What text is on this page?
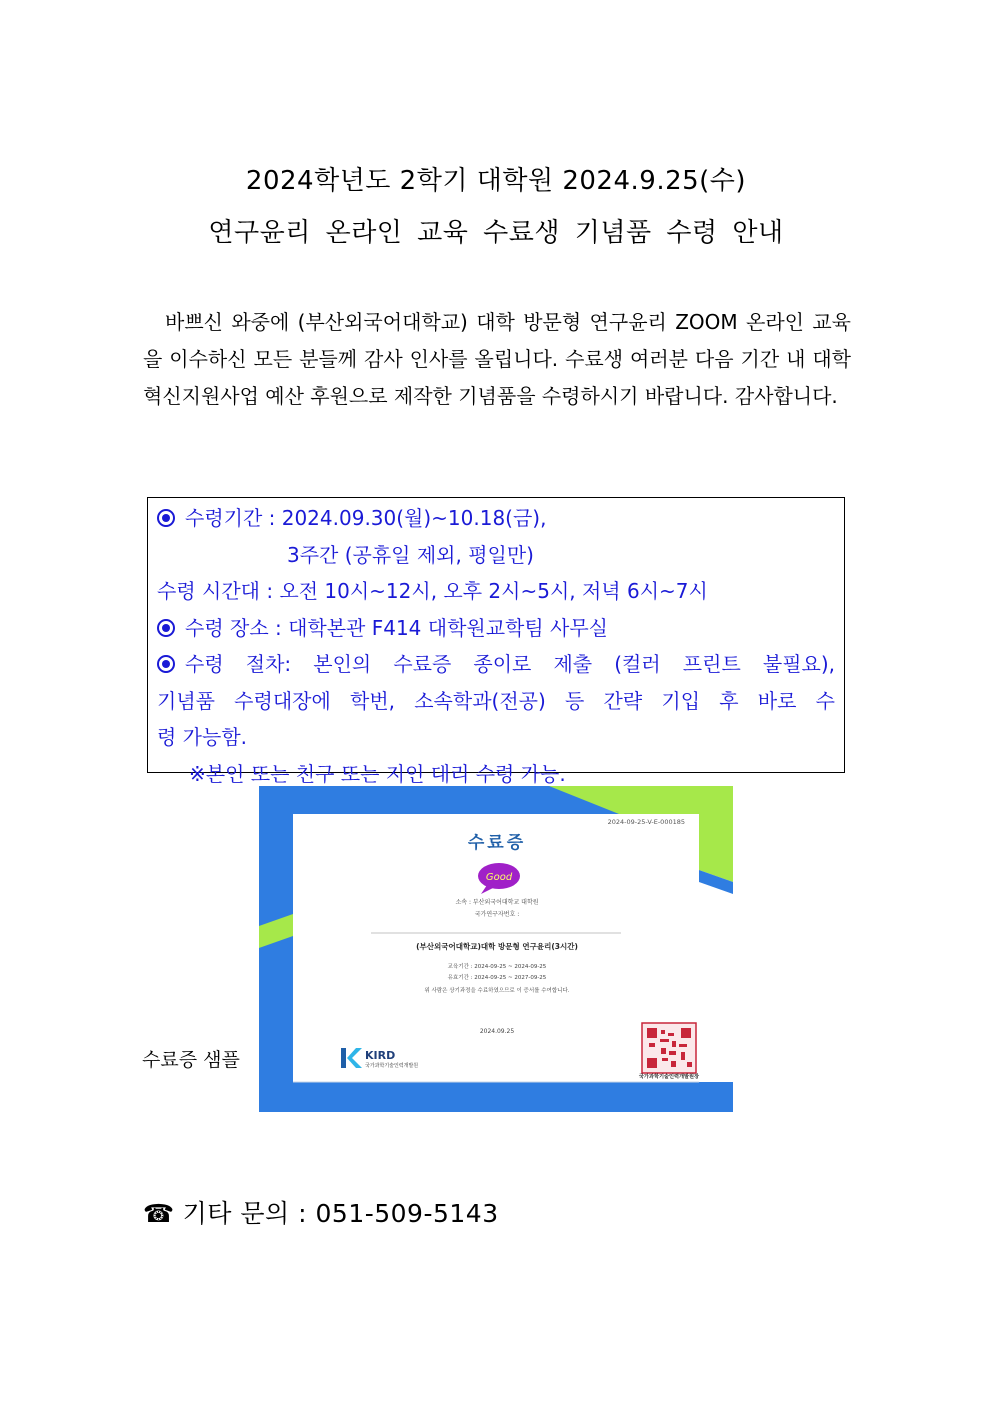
2024학년도 2학기 대학원 2024.9.25(수)
연구윤리 온라인 교육 수료생 기념품 수령 안내
바쁘신 와중에 (부산외국어대학교) 대학 방문형 연구윤리 ZOOM 온라인 교육을 이수하신 모든 분들께 감사 인사를 올립니다. 수료생 여러분 다음 기간 내 대학혁신지원사업 예산 후원으로 제작한 기념품을 수령하시기 바랍니다. 감사합니다.
수령기간 : 2024.09.30(월)~10.18(금),
3주간 (공휴일 제외, 평일만)
수령 시간대 : 오전 10시~12시, 오후 2시~5시, 저녁 6시~7시
수령 장소 : 대학본관 F414 대학원교학팀 사무실
수령 절차: 본인의 수료증 종이로 제출 (컬러 프린트 불필요),
기념품 수령대장에 학번, 소속학과(전공) 등 간략 기입 후 바로 수
령 가능함.
※본인 또는 친구 또는 지인 대리 수령 가능.
수료증 샘플
2024-09-25-V-E-000185
수료증
Good
소속 : 부산외국어대학교 대학원
국가연구자번호 :
(부산외국어대학교)대학 방문형 연구윤리(3시간)
교육기간 : 2024-09-25 ~ 2024-09-25
유효기간 : 2024-09-25 ~ 2027-09-25
위 사람은 상기과정을 수료하였으므로 이 증서를 수여합니다.
2024.09.25
KIRD
국가과학기술인력개발원
국가과학기술인력개발원장
☎ 기타 문의 : 051-509-5143
